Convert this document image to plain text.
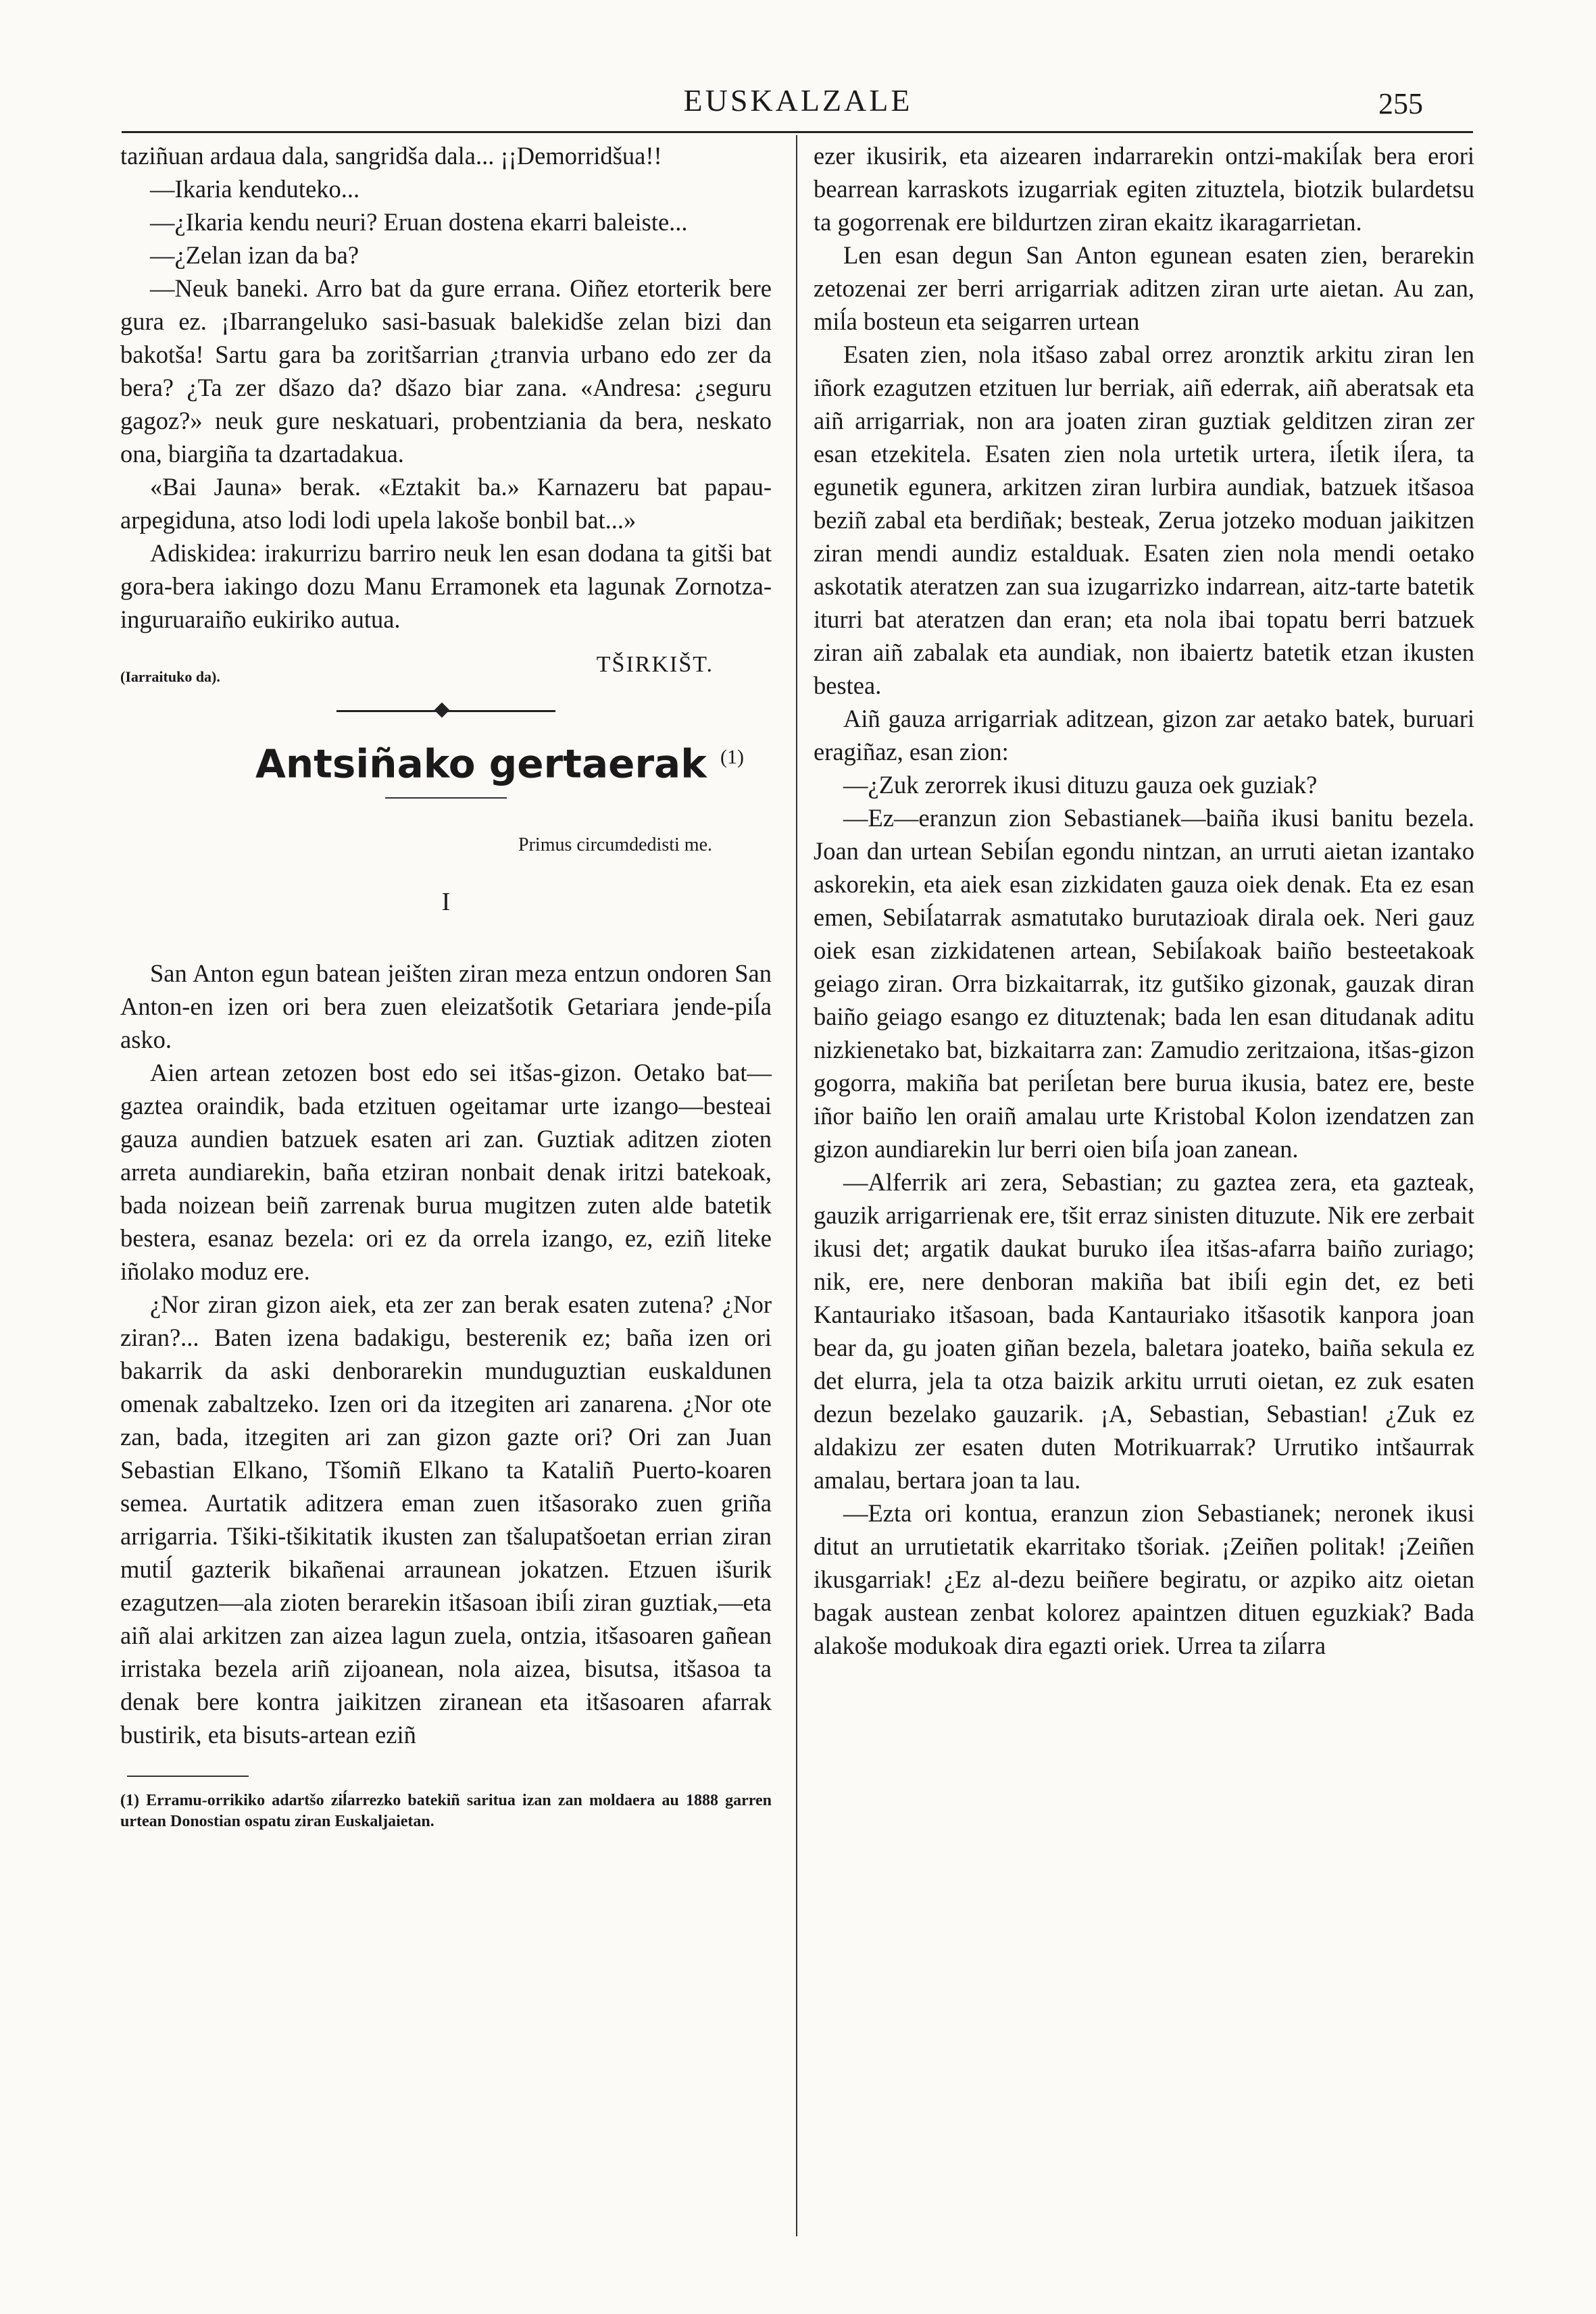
EUSKALZALE	255

taziñuan ardaua dala, sangridša dala... ¡¡Demorridšua!!

—Ikaria kenduteko...

—¿Ikaria kendu neuri? Eruan dostena ekarri baleiste...

—¿Zelan izan da ba?

—Neuk baneki. Arro bat da gure errana. Oiñez etorterik bere gura ez. ¡Ibarrangeluko sasi-basuak balekidše zelan bizi dan bakotša! Sartu gara ba zoritšarrian ¿tranvia urbano edo zer da bera? ¿Ta zer dšazo da? dšazo biar zana. «Andresa: ¿seguru gagoz?» neuk gure neskatuari, probentziania da bera, neskato ona, biargiña ta dzartadakua.

«Bai Jauna» berak. «Eztakit ba.» Karnazeru bat papau-arpegiduna, atso lodi lodi upela lakoše bonbil bat...»

Adiskidea: irakurrizu barriro neuk len esan dodana ta gitši bat gora-bera iakingo dozu Manu Erramonek eta lagunak Zornotza-inguruaraiño eukiriko autua.

(Iarraituko da).	TŠIRKIŠT.
Antsiñako gertaerak $^{(1)}$
Primus circumdedisti me.
I

San Anton egun batean jeišten ziran meza entzun ondoren San Anton-en izen ori bera zuen eleizatšotik Getariara jende-piĺa asko.

Aien artean zetozen bost edo sei itšas-gizon. Oetako bat—gaztea oraindik, bada etzituen ogeitamar urte izango—besteai gauza aundien batzuek esaten ari zan. Guztiak aditzen zioten arreta aundiarekin, baña etziran nonbait denak iritzi batekoak, bada noizean beiñ zarrenak burua mugitzen zuten alde batetik bestera, esanaz bezela: ori ez da orrela izango, ez, eziñ liteke iñolako moduz ere.

¿Nor ziran gizon aiek, eta zer zan berak esaten zutena? ¿Nor ziran?... Baten izena badakigu, besterenik ez; baña izen ori bakarrik da aski denborarekin munduguztian euskaldunen omenak zabaltzeko. Izen ori da itzegiten ari zanarena. ¿Nor ote zan, bada, itzegiten ari zan gizon gazte ori? Ori zan Juan Sebastian Elkano, Tšomiñ Elkano ta Kataliñ Puerto-koaren semea. Aurtatik aditzera eman zuen itšasorako zuen griña arrigarria. Tšiki-tšikitatik ikusten zan tšalupatšoetan errian ziran mutiĺ gazterik bikañenai arraunean jokatzen. Etzuen išurik ezagutzen—ala zioten berarekin itšasoan ibiĺi ziran guztiak,—eta aiñ alai arkitzen zan aizea lagun zuela, ontzia, itšasoaren gañean irristaka bezela ariñ zijoanean, nola aizea, bisutsa, itšasoa ta denak bere kontra jaikitzen ziranean eta itšasoaren afarrak bustirik, eta bisuts-artean eziñ

(1) Erramu-orrikiko adartšo ziĺarrezko batekiñ saritua izan zan moldaera au 1888 garren urtean Donostian ospatu ziran Euskaljaietan.

ezer ikusirik, eta aizearen indarrarekin ontzi-makiĺak bera erori bearrean karraskots izugarriak egiten zituztela, biotzik bulardetsu ta gogorrenak ere bildurtzen ziran ekaitz ikaragarrietan.

Len esan degun San Anton egunean esaten zien, berarekin zetozenai zer berri arrigarriak aditzen ziran urte aietan. Au zan, miĺa bosteun eta seigarren urtean

Esaten zien, nola itšaso zabal orrez aronztik arkitu ziran len iñork ezagutzen etzituen lur berriak, aiñ ederrak, aiñ aberatsak eta aiñ arrigarriak, non ara joaten ziran guztiak gelditzen ziran zer esan etzekitela. Esaten zien nola urtetik urtera, iĺetik iĺera, ta egunetik egunera, arkitzen ziran lurbira aundiak, batzuek itšasoa beziñ zabal eta berdiñak; besteak, Zerua jotzeko moduan jaikitzen ziran mendi aundiz estalduak. Esaten zien nola mendi oetako askotatik ateratzen zan sua izugarrizko indarrean, aitz-tarte batetik iturri bat ateratzen dan eran; eta nola ibai topatu berri batzuek ziran aiñ zabalak eta aundiak, non ibaiertz batetik etzan ikusten bestea.

Aiñ gauza arrigarriak aditzean, gizon zar aetako batek, buruari eragiñaz, esan zion:

—¿Zuk zerorrek ikusi dituzu gauza oek guziak?

—Ez—eranzun zion Sebastianek—baiña ikusi banitu bezela. Joan dan urtean Sebiĺan egondu nintzan, an urruti aietan izantako askorekin, eta aiek esan zizkidaten gauza oiek denak. Eta ez esan emen, Sebiĺatarrak asmatutako burutazioak dirala oek. Neri gauz oiek esan zizkidatenen artean, Sebiĺakoak baiño besteetakoak geiago ziran. Orra bizkaitarrak, itz gutšiko gizonak, gauzak diran baiño geiago esango ez dituztenak; bada len esan ditudanak aditu nizkienetako bat, bizkaitarra zan: Zamudio zeritzaiona, itšas-gizon gogorra, makiña bat periĺetan bere burua ikusia, batez ere, beste iñor baiño len oraiñ amalau urte Kristobal Kolon izendatzen zan gizon aundiarekin lur berri oien biĺa joan zanean.

—Alferrik ari zera, Sebastian; zu gaztea zera, eta gazteak, gauzik arrigarrienak ere, tšit erraz sinisten dituzute. Nik ere zerbait ikusi det; argatik daukat buruko iĺea itšas-afarra baiño zuriago; nik, ere, nere denboran makiña bat ibiĺi egin det, ez beti Kantauriako itšasoan, bada Kantauriako itšasotik kanpora joan bear da, gu joaten giñan bezela, baletara joateko, baiña sekula ez det elurra, jela ta otza baizik arkitu urruti oietan, ez zuk esaten dezun bezelako gauzarik. ¡A, Sebastian, Sebastian! ¿Zuk ez aldakizu zer esaten duten Motrikuarrak? Urrutiko intšaurrak amalau, bertara joan ta lau.

—Ezta ori kontua, eranzun zion Sebastianek; neronek ikusi ditut an urrutietatik ekarritako tšoriak. ¡Zeiñen politak! ¡Zeiñen ikusgarriak! ¿Ez al-dezu beiñere begiratu, or azpiko aitz oietan bagak austean zenbat kolorez apaintzen dituen eguzkiak? Bada alakoše modukoak dira egazti oriek. Urrea ta ziĺarra
